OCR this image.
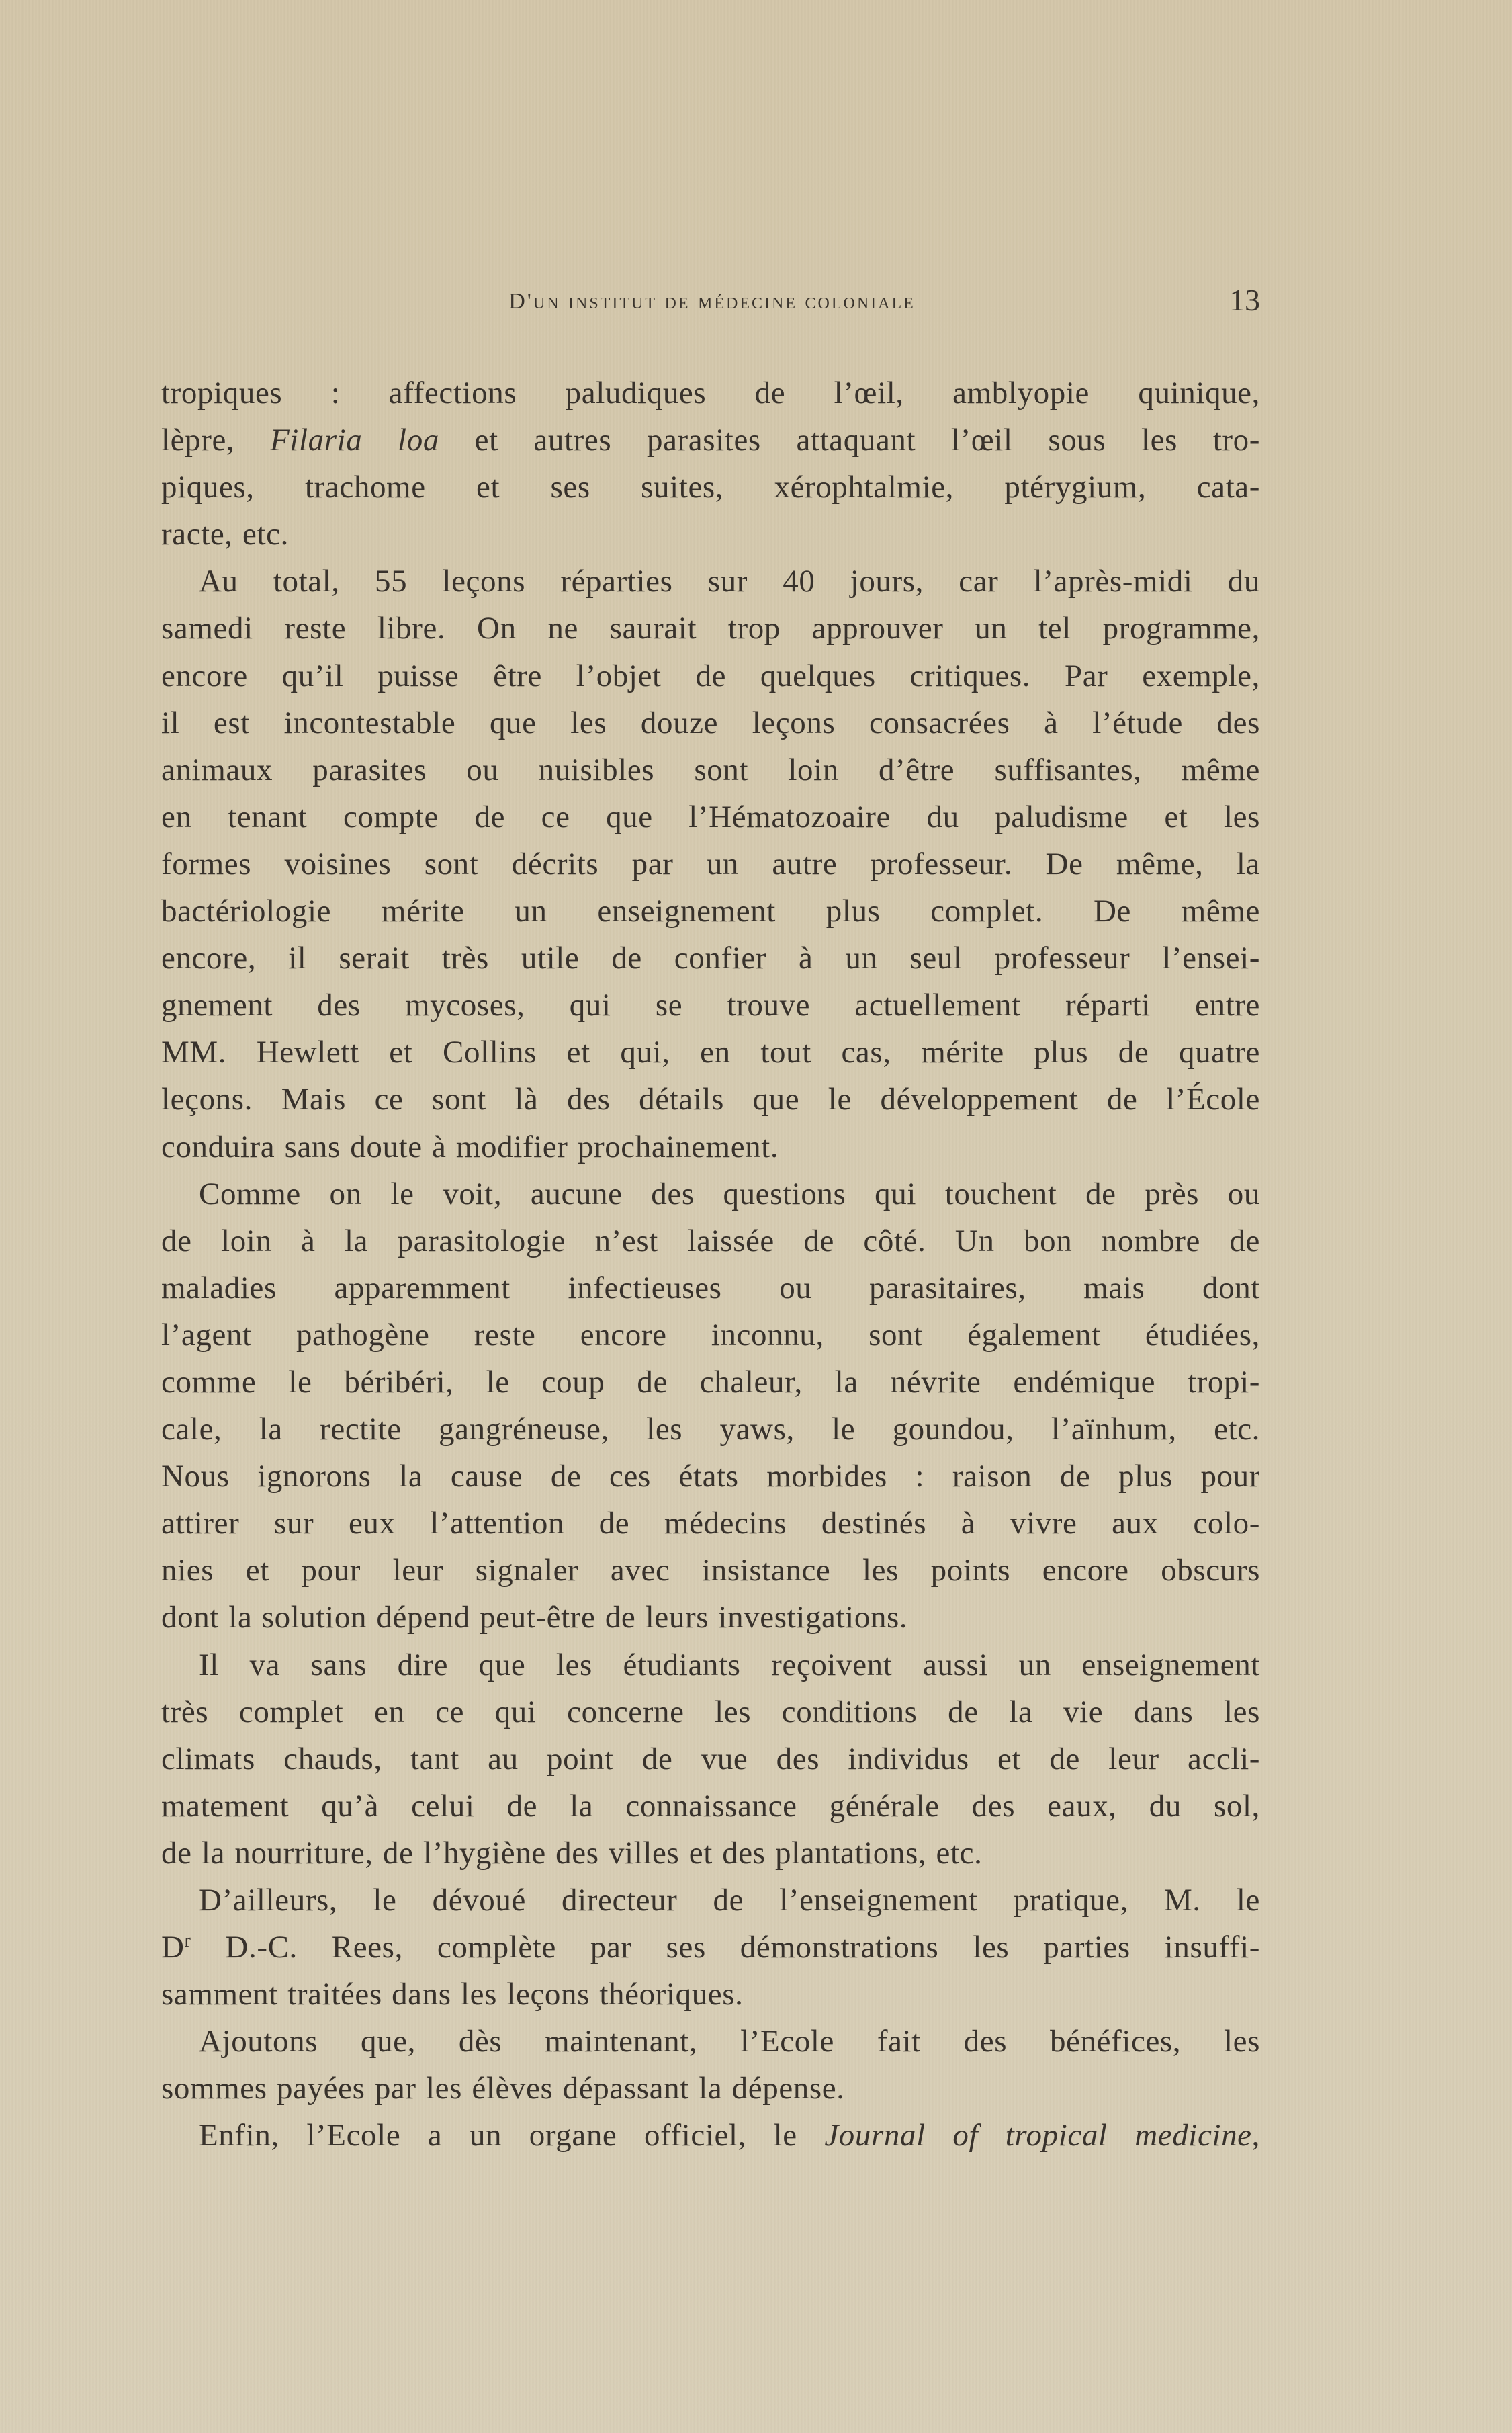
D'un institut de médecine coloniale	13
tropiques : affections paludiques de l’œil, amblyopie quinique,
lèpre, Filaria loa et autres parasites attaquant l’œil sous les tro-
piques, trachome et ses suites, xérophtalmie, ptérygium, cata-
racte, etc.
Au total, 55 leçons réparties sur 40 jours, car l’après-midi du
samedi reste libre. On ne saurait trop approuver un tel programme,
encore qu’il puisse être l’objet de quelques critiques. Par exemple,
il est incontestable que les douze leçons consacrées à l’étude des
animaux parasites ou nuisibles sont loin d’être suffisantes, même
en tenant compte de ce que l’Hématozoaire du paludisme et les
formes voisines sont décrits par un autre professeur. De même, la
bactériologie mérite un enseignement plus complet. De même
encore, il serait très utile de confier à un seul professeur l’ensei-
gnement des mycoses, qui se trouve actuellement réparti entre
MM. Hewlett et Collins et qui, en tout cas, mérite plus de quatre
leçons. Mais ce sont là des détails que le développement de l’École
conduira sans doute à modifier prochainement.
Comme on le voit, aucune des questions qui touchent de près ou
de loin à la parasitologie n’est laissée de côté. Un bon nombre de
maladies apparemment infectieuses ou parasitaires, mais dont
l’agent pathogène reste encore inconnu, sont également étudiées,
comme le béribéri, le coup de chaleur, la névrite endémique tropi-
cale, la rectite gangréneuse, les yaws, le goundou, l’aïnhum, etc.
Nous ignorons la cause de ces états morbides : raison de plus pour
attirer sur eux l’attention de médecins destinés à vivre aux colo-
nies et pour leur signaler avec insistance les points encore obscurs
dont la solution dépend peut-être de leurs investigations.
Il va sans dire que les étudiants reçoivent aussi un enseignement
très complet en ce qui concerne les conditions de la vie dans les
climats chauds, tant au point de vue des individus et de leur accli-
matement qu’à celui de la connaissance générale des eaux, du sol,
de la nourriture, de l’hygiène des villes et des plantations, etc.
D’ailleurs, le dévoué directeur de l’enseignement pratique, M. le
$D^r$ D.-C. Rees, complète par ses démonstrations les parties insuffi-
samment traitées dans les leçons théoriques.
Ajoutons que, dès maintenant, l’Ecole fait des bénéfices, les
sommes payées par les élèves dépassant la dépense.
Enfin, l’Ecole a un organe officiel, le Journal of tropical medicine,
